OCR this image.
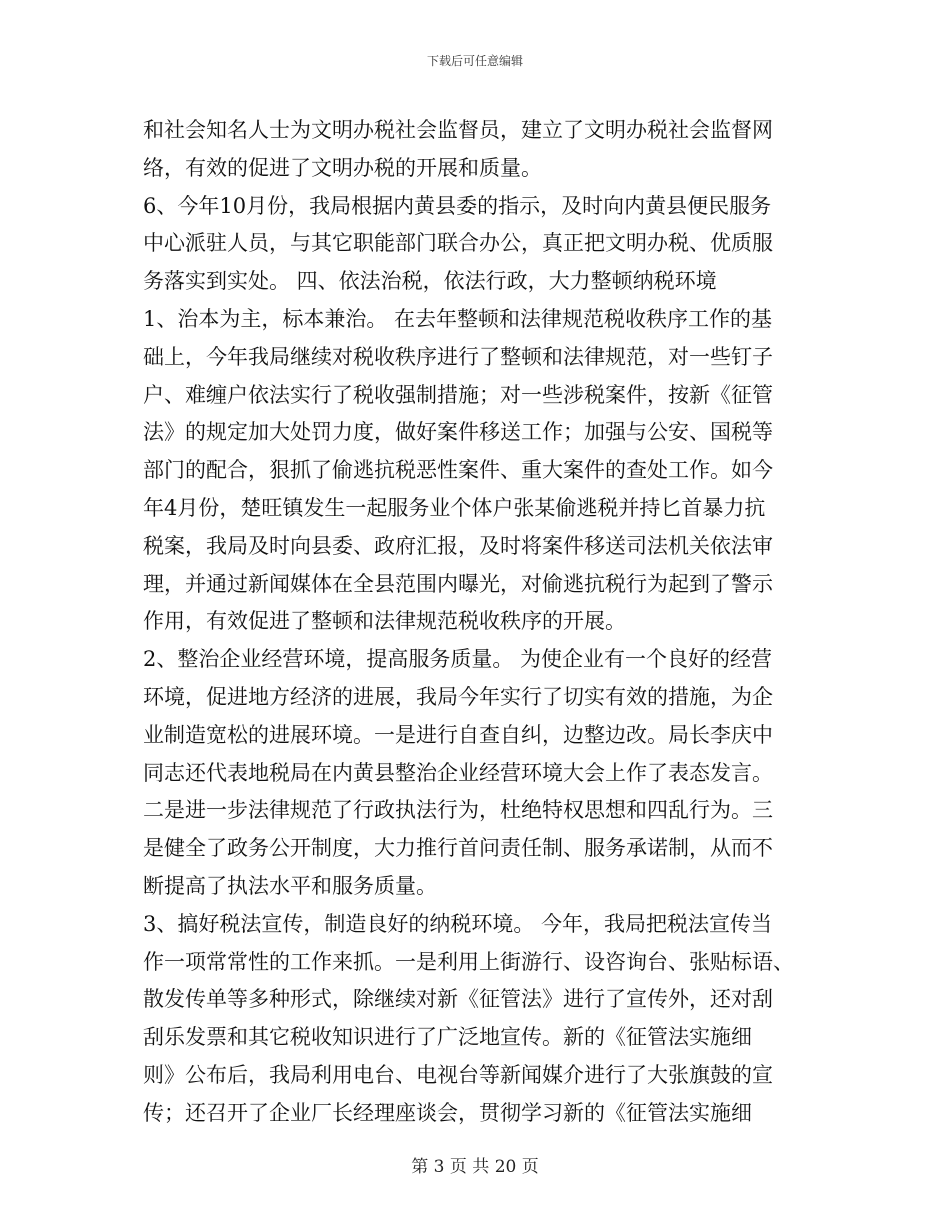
下载后可任意编辑
和社会知名人士为文明办税社会监督员，建立了文明办税社会监督网
络，有效的促进了文明办税的开展和质量。
6、今年10月份，我局根据内黄县委的指示，及时向内黄县便民服务
中心派驻人员，与其它职能部门联合办公，真正把文明办税、优质服
务落实到实处。 四、依法治税，依法行政，大力整顿纳税环境
1、治本为主，标本兼治。 在去年整顿和法律规范税收秩序工作的基
础上，今年我局继续对税收秩序进行了整顿和法律规范，对一些钉子
户、难缠户依法实行了税收强制措施；对一些涉税案件，按新《征管
法》的规定加大处罚力度，做好案件移送工作；加强与公安、国税等
部门的配合，狠抓了偷逃抗税恶性案件、重大案件的查处工作。如今
年4月份，楚旺镇发生一起服务业个体户张某偷逃税并持匕首暴力抗
税案，我局及时向县委、政府汇报，及时将案件移送司法机关依法审
理，并通过新闻媒体在全县范围内曝光，对偷逃抗税行为起到了警示
作用，有效促进了整顿和法律规范税收秩序的开展。
2、整治企业经营环境，提高服务质量。 为使企业有一个良好的经营
环境，促进地方经济的进展，我局今年实行了切实有效的措施，为企
业制造宽松的进展环境。一是进行自查自纠，边整边改。局长李庆中
同志还代表地税局在内黄县整治企业经营环境大会上作了表态发言。
二是进一步法律规范了行政执法行为，杜绝特权思想和四乱行为。三
是健全了政务公开制度，大力推行首问责任制、服务承诺制，从而不
断提高了执法水平和服务质量。
3、搞好税法宣传，制造良好的纳税环境。 今年，我局把税法宣传当
作一项常常性的工作来抓。一是利用上街游行、设咨询台、张贴标语、
散发传单等多种形式，除继续对新《征管法》进行了宣传外，还对刮
刮乐发票和其它税收知识进行了广泛地宣传。新的《征管法实施细
则》公布后，我局利用电台、电视台等新闻媒介进行了大张旗鼓的宣
传；还召开了企业厂长经理座谈会，贯彻学习新的《征管法实施细
第 3 页 共 20 页
